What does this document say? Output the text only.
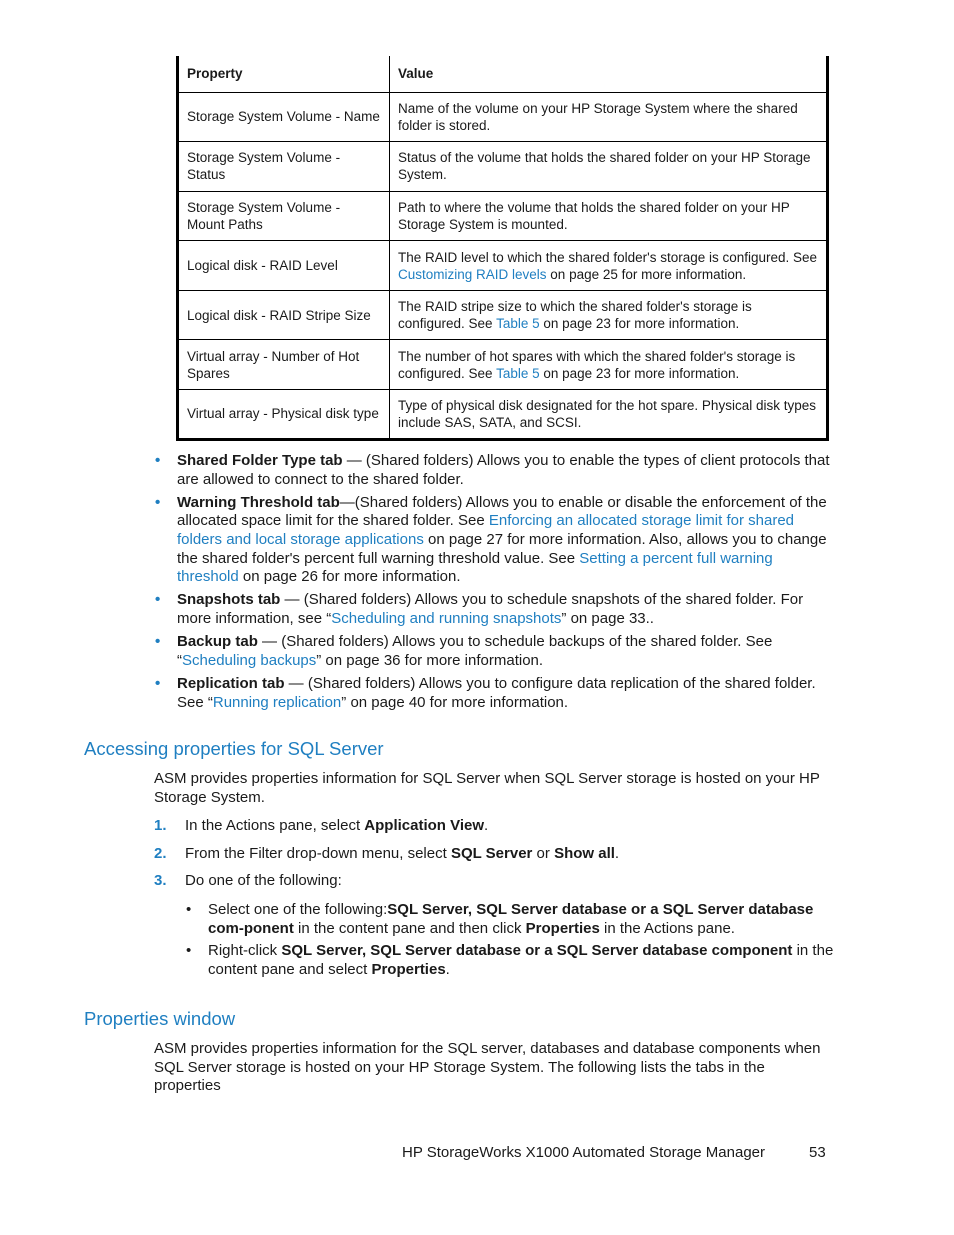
Property	Value
Storage System Volume - Name	Name of the volume on your HP Storage System where the shared folder is stored.
Storage System Volume - Status	Status of the volume that holds the shared folder on your HP Storage System.
Storage System Volume - Mount Paths	Path to where the volume that holds the shared folder on your HP Storage System is mounted.
Logical disk - RAID Level	The RAID level to which the shared folder's storage is configured. See Customizing RAID levels on page 25 for more information.
Logical disk - RAID Stripe Size	The RAID stripe size to which the shared folder's storage is configured. See Table 5 on page 23 for more information.
Virtual array - Number of Hot Spares	The number of hot spares with which the shared folder's storage is configured. See Table 5 on page 23 for more information.
Virtual array - Physical disk type	Type of physical disk designated for the hot spare. Physical disk types include SAS, SATA, and SCSI.
• Shared Folder Type tab — (Shared folders) Allows you to enable the types of client protocols that are allowed to connect to the shared folder.
• Warning Threshold tab—(Shared folders) Allows you to enable or disable the enforcement of the allocated space limit for the shared folder. See Enforcing an allocated storage limit for shared folders and local storage applications on page 27 for more information. Also, allows you to change the shared folder's percent full warning threshold value. See Setting a percent full warning threshold on page 26 for more information.
• Snapshots tab — (Shared folders) Allows you to schedule snapshots of the shared folder. For more information, see “Scheduling and running snapshots” on page 33..
• Backup tab — (Shared folders) Allows you to schedule backups of the shared folder. See “Scheduling backups” on page 36 for more information.
• Replication tab — (Shared folders) Allows you to configure data replication of the shared folder. See “Running replication” on page 40 for more information.
Accessing properties for SQL Server

ASM provides properties information for SQL Server when SQL Server storage is hosted on your HP Storage System.

1. In the Actions pane, select Application View.
2. From the Filter drop-down menu, select SQL Server or Show all.
3. Do one of the following:
• Select one of the following:SQL Server, SQL Server database or a SQL Server database com-ponent in the content pane and then click Properties in the Actions pane.
• Right-click SQL Server, SQL Server database or a SQL Server database component in the content pane and select Properties.
Properties window

ASM provides properties information for the SQL server, databases and database components when SQL Server storage is hosted on your HP Storage System. The following lists the tabs in the properties

HP StorageWorks X1000 Automated Storage Manager	53
